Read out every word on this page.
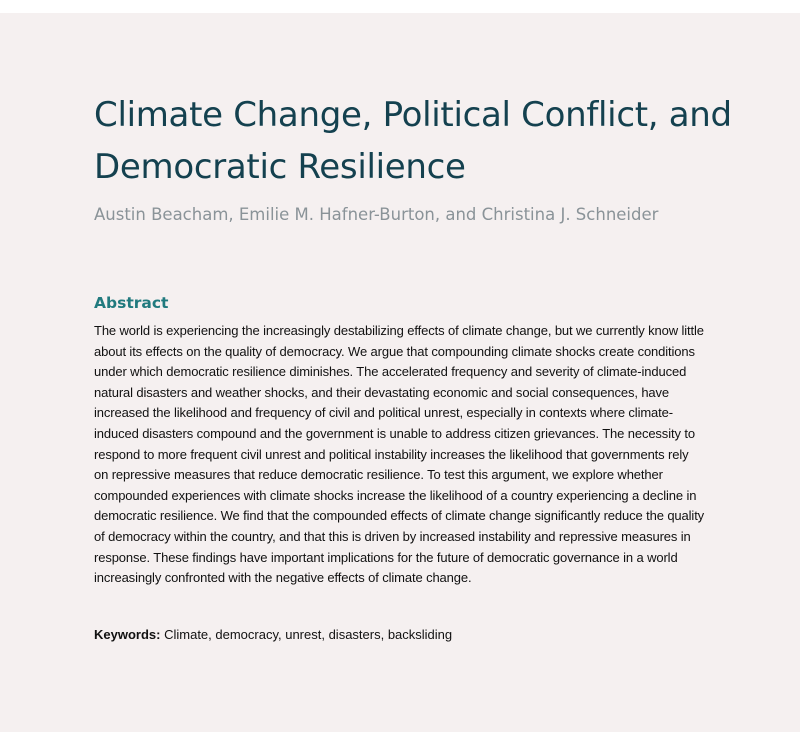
Climate Change, Political Conflict, and Democratic Resilience

Austin Beacham, Emilie M. Hafner-Burton, and Christina J. Schneider

Abstract

The world is experiencing the increasingly destabilizing effects of climate change, but we currently know little about its effects on the quality of democracy. We argue that compounding climate shocks create conditions under which democratic resilience diminishes. The accelerated frequency and severity of climate-induced natural disasters and weather shocks, and their devastating economic and social consequences, have increased the likelihood and frequency of civil and political unrest, especially in contexts where climate-induced disasters compound and the government is unable to address citizen grievances. The necessity to respond to more frequent civil unrest and political instability increases the likelihood that governments rely on repressive measures that reduce democratic resilience. To test this argument, we explore whether compounded experiences with climate shocks increase the likelihood of a country experiencing a decline in democratic resilience. We find that the compounded effects of climate change significantly reduce the quality of democracy within the country, and that this is driven by increased instability and repressive measures in response. These findings have important implications for the future of democratic governance in a world increasingly confronted with the negative effects of climate change.

Keywords: Climate, democracy, unrest, disasters, backsliding
